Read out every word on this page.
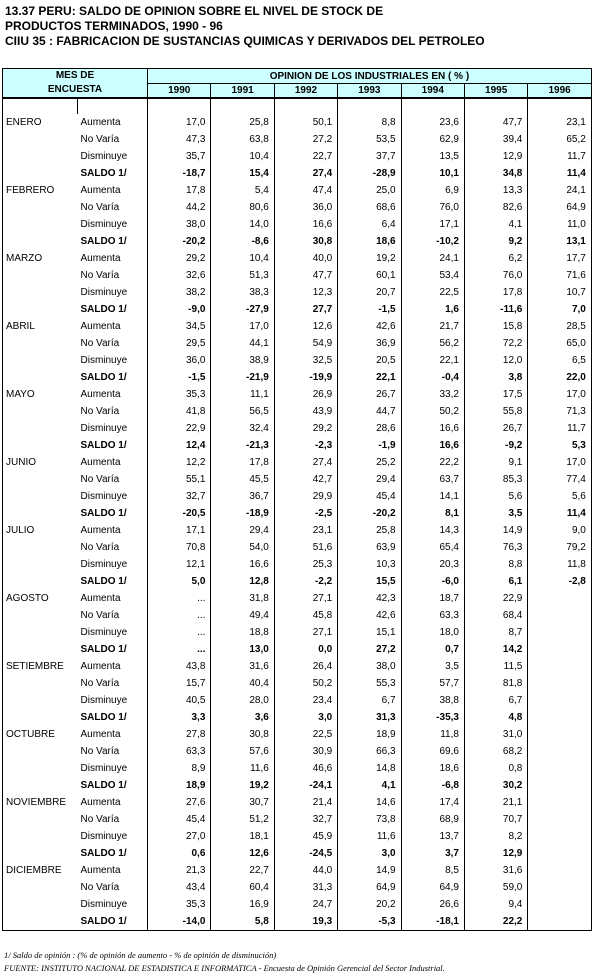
13.37 PERU: SALDO DE OPINION SOBRE EL NIVEL DE STOCK DE
PRODUCTOS TERMINADOS, 1990 - 96
CIIU 35 : FABRICACION DE SUSTANCIAS QUIMICAS Y DERIVADOS DEL PETROLEO
MES DE
ENCUESTA		OPINION DE LOS INDUSTRIALES EN ( % )						
		1990	1991	1992	1993	1994	1995	1996

ENERO	Aumenta	17,0	25,8	50,1	8,8	23,6	47,7	23,1
	No Varía	47,3	63,8	27,2	53,5	62,9	39,4	65,2
	Disminuye	35,7	10,4	22,7	37,7	13,5	12,9	11,7
	SALDO 1/	-18,7	15,4	27,4	-28,9	10,1	34,8	11,4
FEBRERO	Aumenta	17,8	5,4	47,4	25,0	6,9	13,3	24,1
	No Varía	44,2	80,6	36,0	68,6	76,0	82,6	64,9
	Disminuye	38,0	14,0	16,6	6,4	17,1	4,1	11,0
	SALDO 1/	-20,2	-8,6	30,8	18,6	-10,2	9,2	13,1
MARZO	Aumenta	29,2	10,4	40,0	19,2	24,1	6,2	17,7
	No Varía	32,6	51,3	47,7	60,1	53,4	76,0	71,6
	Disminuye	38,2	38,3	12,3	20,7	22,5	17,8	10,7
	SALDO 1/	-9,0	-27,9	27,7	-1,5	1,6	-11,6	7,0
ABRIL	Aumenta	34,5	17,0	12,6	42,6	21,7	15,8	28,5
	No Varía	29,5	44,1	54,9	36,9	56,2	72,2	65,0
	Disminuye	36,0	38,9	32,5	20,5	22,1	12,0	6,5
	SALDO 1/	-1,5	-21,9	-19,9	22,1	-0,4	3,8	22,0
MAYO	Aumenta	35,3	11,1	26,9	26,7	33,2	17,5	17,0
	No Varía	41,8	56,5	43,9	44,7	50,2	55,8	71,3
	Disminuye	22,9	32,4	29,2	28,6	16,6	26,7	11,7
	SALDO 1/	12,4	-21,3	-2,3	-1,9	16,6	-9,2	5,3
JUNIO	Aumenta	12,2	17,8	27,4	25,2	22,2	9,1	17,0
	No Varía	55,1	45,5	42,7	29,4	63,7	85,3	77,4
	Disminuye	32,7	36,7	29,9	45,4	14,1	5,6	5,6
	SALDO 1/	-20,5	-18,9	-2,5	-20,2	8,1	3,5	11,4
JULIO	Aumenta	17,1	29,4	23,1	25,8	14,3	14,9	9,0
	No Varía	70,8	54,0	51,6	63,9	65,4	76,3	79,2
	Disminuye	12,1	16,6	25,3	10,3	20,3	8,8	11,8
	SALDO 1/	5,0	12,8	-2,2	15,5	-6,0	6,1	-2,8
AGOSTO	Aumenta	...	31,8	27,1	42,3	18,7	22,9	
	No Varía	...	49,4	45,8	42,6	63,3	68,4	
	Disminuye	...	18,8	27,1	15,1	18,0	8,7	
	SALDO 1/	...	13,0	0,0	27,2	0,7	14,2	
SETIEMBRE	Aumenta	43,8	31,6	26,4	38,0	3,5	11,5	
	No Varía	15,7	40,4	50,2	55,3	57,7	81,8	
	Disminuye	40,5	28,0	23,4	6,7	38,8	6,7	
	SALDO 1/	3,3	3,6	3,0	31,3	-35,3	4,8	
OCTUBRE	Aumenta	27,8	30,8	22,5	18,9	11,8	31,0	
	No Varía	63,3	57,6	30,9	66,3	69,6	68,2	
	Disminuye	8,9	11,6	46,6	14,8	18,6	0,8	
	SALDO 1/	18,9	19,2	-24,1	4,1	-6,8	30,2	
NOVIEMBRE	Aumenta	27,6	30,7	21,4	14,6	17,4	21,1	
	No Varía	45,4	51,2	32,7	73,8	68,9	70,7	
	Disminuye	27,0	18,1	45,9	11,6	13,7	8,2	
	SALDO 1/	0,6	12,6	-24,5	3,0	3,7	12,9	
DICIEMBRE	Aumenta	21,3	22,7	44,0	14,9	8,5	31,6	
	No Varía	43,4	60,4	31,3	64,9	64,9	59,0	
	Disminuye	35,3	16,9	24,7	20,2	26,6	9,4	
	SALDO 1/	-14,0	5,8	19,3	-5,3	-18,1	22,2	
1/ Saldo de opinión : (% de opinión de aumento - % de opinión de disminución)
FUENTE: INSTITUTO NACIONAL DE ESTADISTICA E INFORMATICA - Encuesta de Opinión Gerencial del Sector Industrial.
